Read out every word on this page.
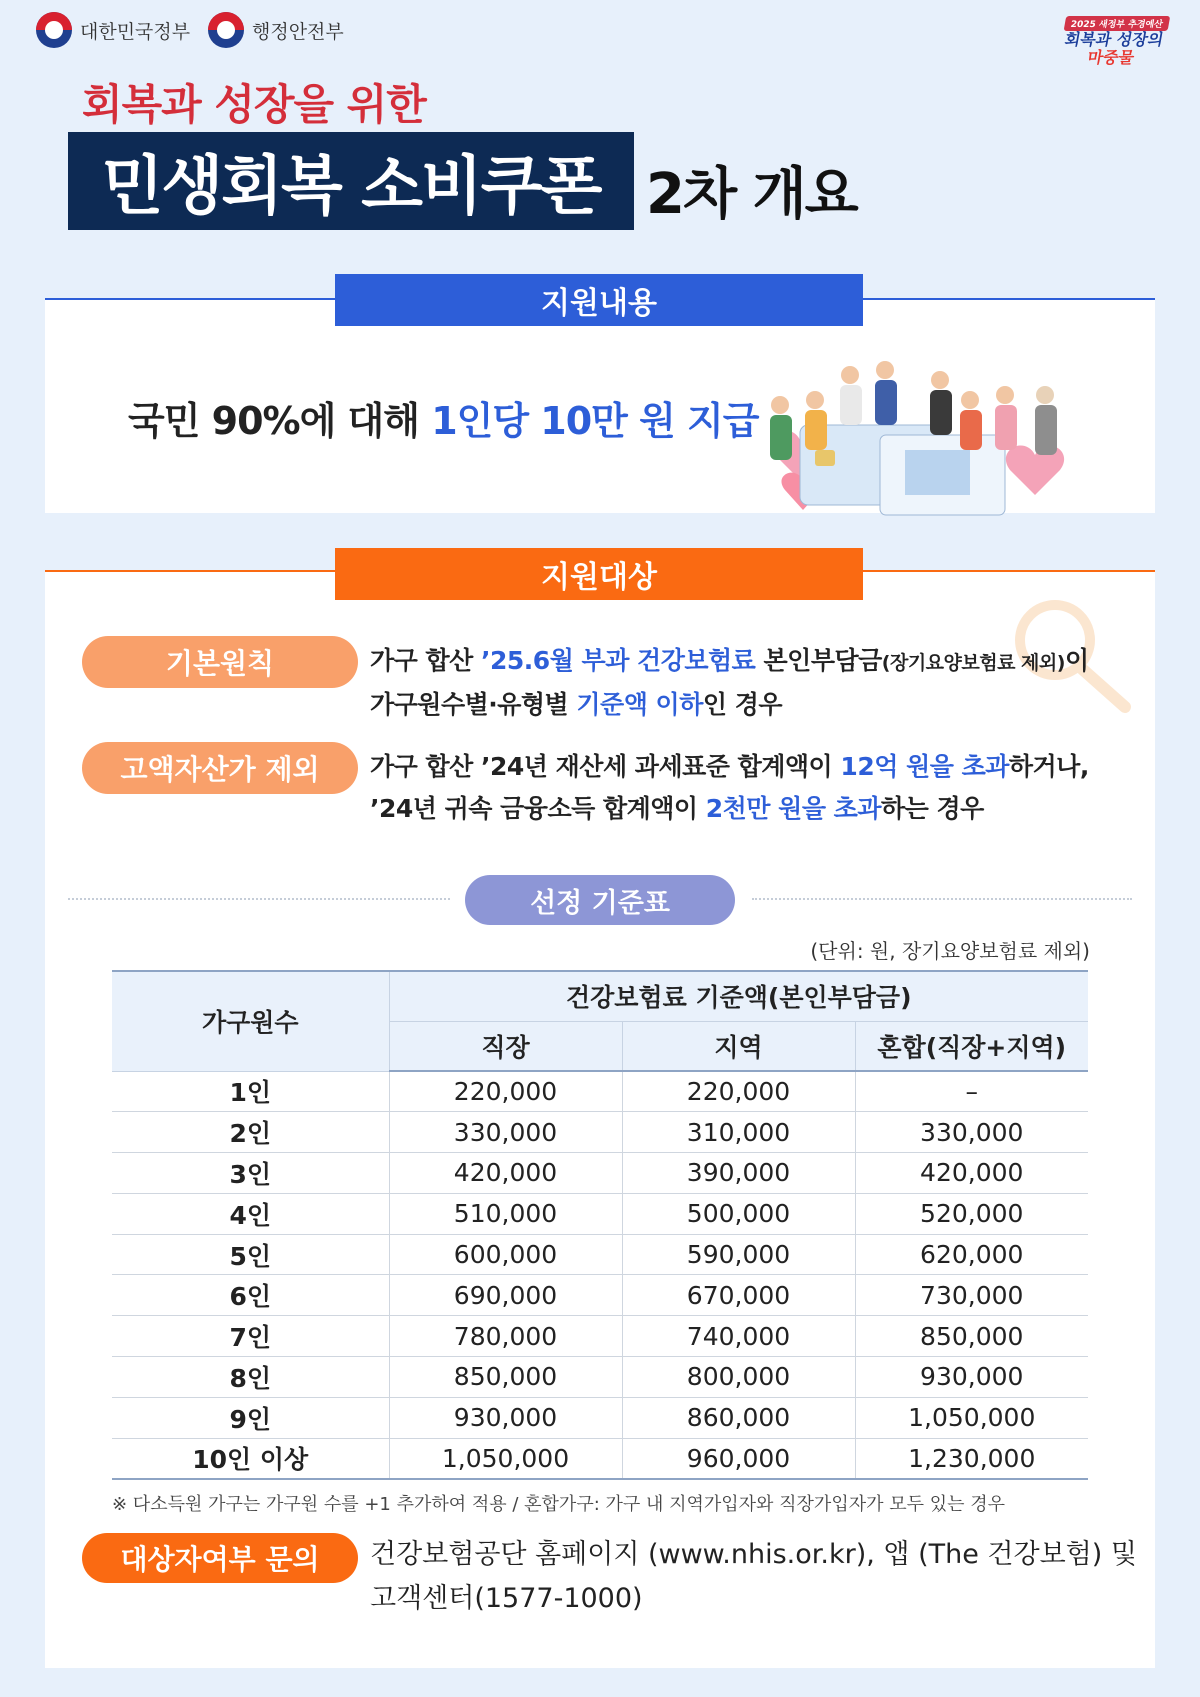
대한민국정부	행정안전부	2025 새정부 추경예산
회복과 성장의
마중물
회복과 성장을 위한
민생회복 소비쿠폰 2차 개요
지원내용
국민 90%에 대해 1인당 10만 원 지급
지원대상
기본원칙	가구 합산 ’25.6월 부과 건강보험료 본인부담금(장기요양보험료 제외)이
가구원수별·유형별 기준액 이하인 경우
고액자산가 제외	가구 합산 ’24년 재산세 과세표준 합계액이 12억 원을 초과하거나,
’24년 귀속 금융소득 합계액이 2천만 원을 초과하는 경우
선정 기준표
(단위: 원, 장기요양보험료 제외)
가구원수	건강보험료 기준액(본인부담금)		
	직장	지역	혼합(직장+지역)
1인	220,000	220,000	–
2인	330,000	310,000	330,000
3인	420,000	390,000	420,000
4인	510,000	500,000	520,000
5인	600,000	590,000	620,000
6인	690,000	670,000	730,000
7인	780,000	740,000	850,000
8인	850,000	800,000	930,000
9인	930,000	860,000	1,050,000
10인 이상	1,050,000	960,000	1,230,000
※ 다소득원 가구는 가구원 수를 +1 추가하여 적용 / 혼합가구: 가구 내 지역가입자와 직장가입자가 모두 있는 경우
대상자여부 문의	건강보험공단 홈페이지 (www.nhis.or.kr), 앱 (The 건강보험) 및
고객센터(1577-1000)
